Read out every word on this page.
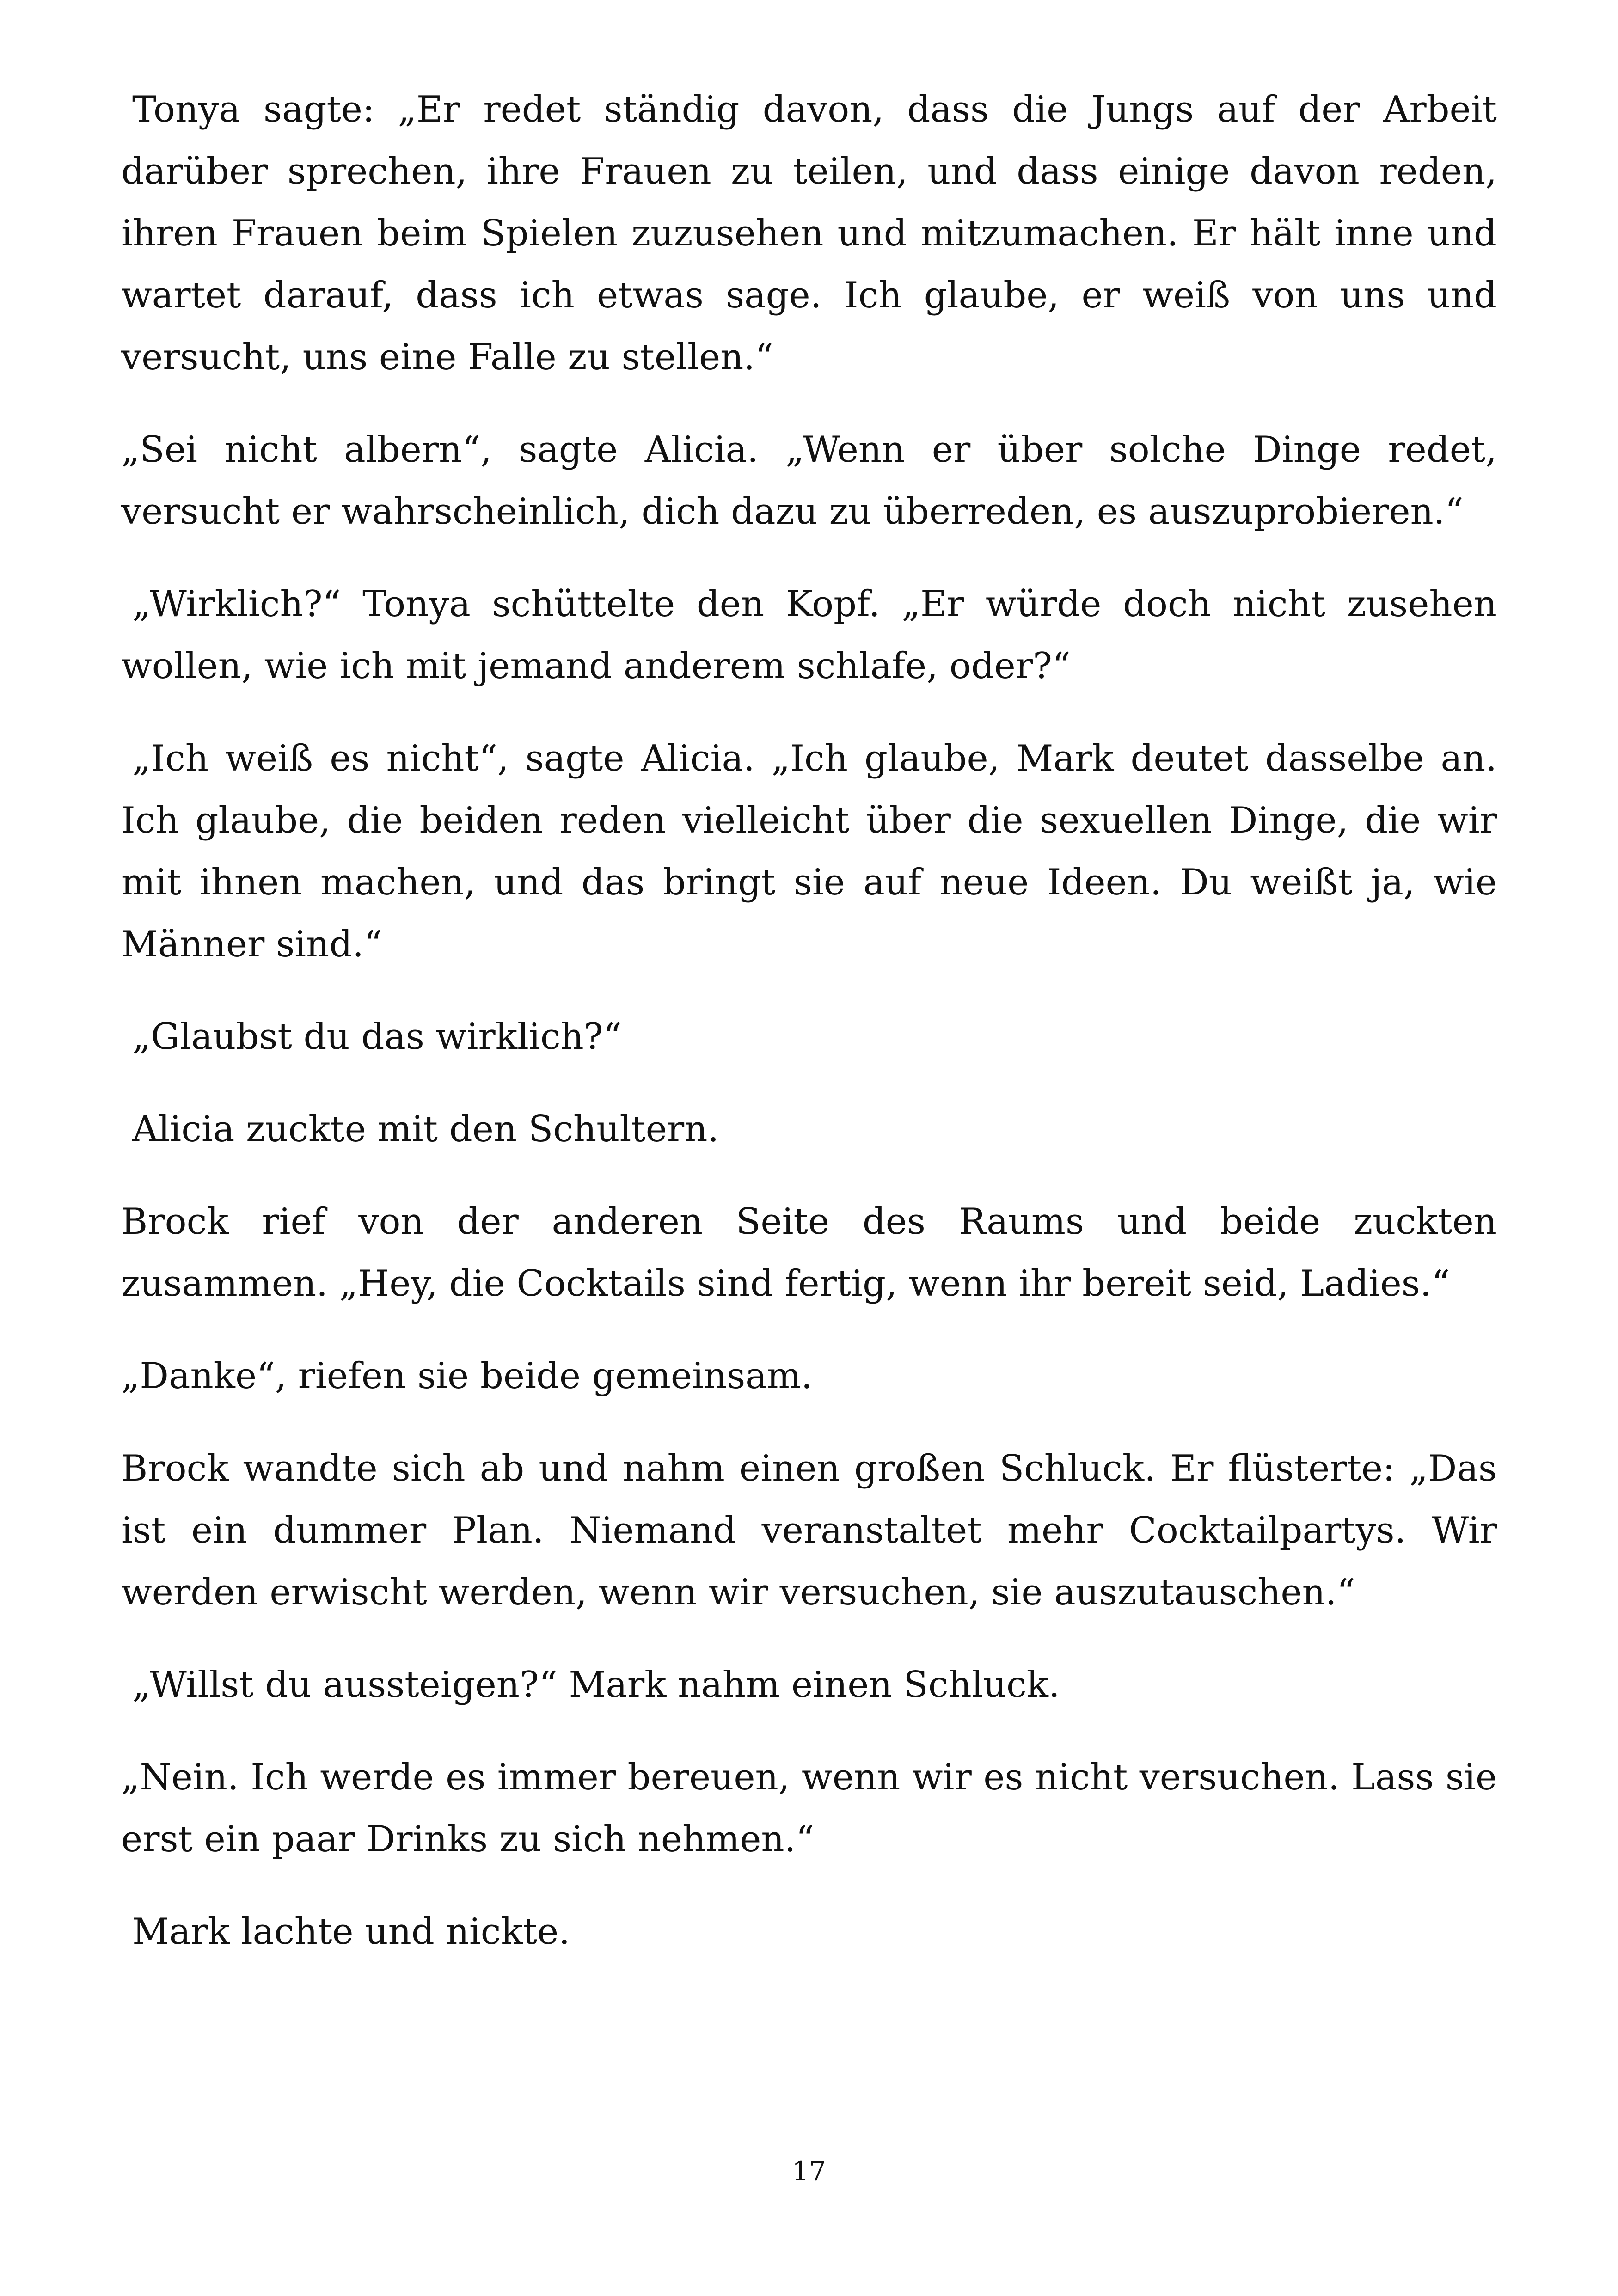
Tonya sagte: „Er redet ständig davon, dass die Jungs auf der Arbeit darüber sprechen, ihre Frauen zu teilen, und dass einige davon reden, ihren Frauen beim Spielen zuzusehen und mitzumachen. Er hält inne und wartet darauf, dass ich etwas sage. Ich glaube, er weiß von uns und versucht, uns eine Falle zu stellen.“

„Sei nicht albern“, sagte Alicia. „Wenn er über solche Dinge redet, versucht er wahrscheinlich, dich dazu zu überreden, es auszuprobieren.“

„Wirklich?“ Tonya schüttelte den Kopf. „Er würde doch nicht zusehen wollen, wie ich mit jemand anderem schlafe, oder?“

„Ich weiß es nicht“, sagte Alicia. „Ich glaube, Mark deutet dasselbe an. Ich glaube, die beiden reden vielleicht über die sexuellen Dinge, die wir mit ihnen machen, und das bringt sie auf neue Ideen. Du weißt ja, wie Männer sind.“

„Glaubst du das wirklich?“

Alicia zuckte mit den Schultern.

Brock rief von der anderen Seite des Raums und beide zuckten zusammen. „Hey, die Cocktails sind fertig, wenn ihr bereit seid, Ladies.“

„Danke“, riefen sie beide gemeinsam.

Brock wandte sich ab und nahm einen großen Schluck. Er flüsterte: „Das ist ein dummer Plan. Niemand veranstaltet mehr Cocktailpartys. Wir werden erwischt werden, wenn wir versuchen, sie auszutauschen.“

„Willst du aussteigen?“ Mark nahm einen Schluck.

„Nein. Ich werde es immer bereuen, wenn wir es nicht versuchen. Lass sie erst ein paar Drinks zu sich nehmen.“

Mark lachte und nickte.

17
